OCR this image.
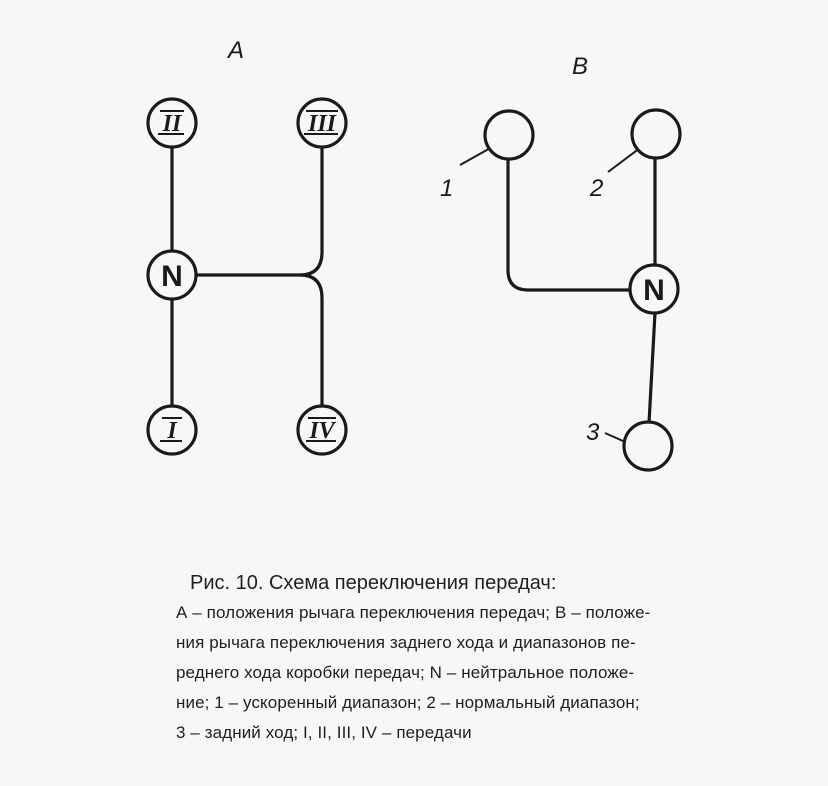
A
II	III
N
I	IV
B
N
1	2
3
Рис. 10. Схема переключения передач:
А – положения рычага переключения передач; В – положе-
ния рычага переключения заднего хода и диапазонов пе-
реднего хода коробки передач; N – нейтральное положе-
ние; 1 – ускоренный диапазон; 2 – нормальный диапазон;
3 – задний ход; I, II, III, IV – передачи
